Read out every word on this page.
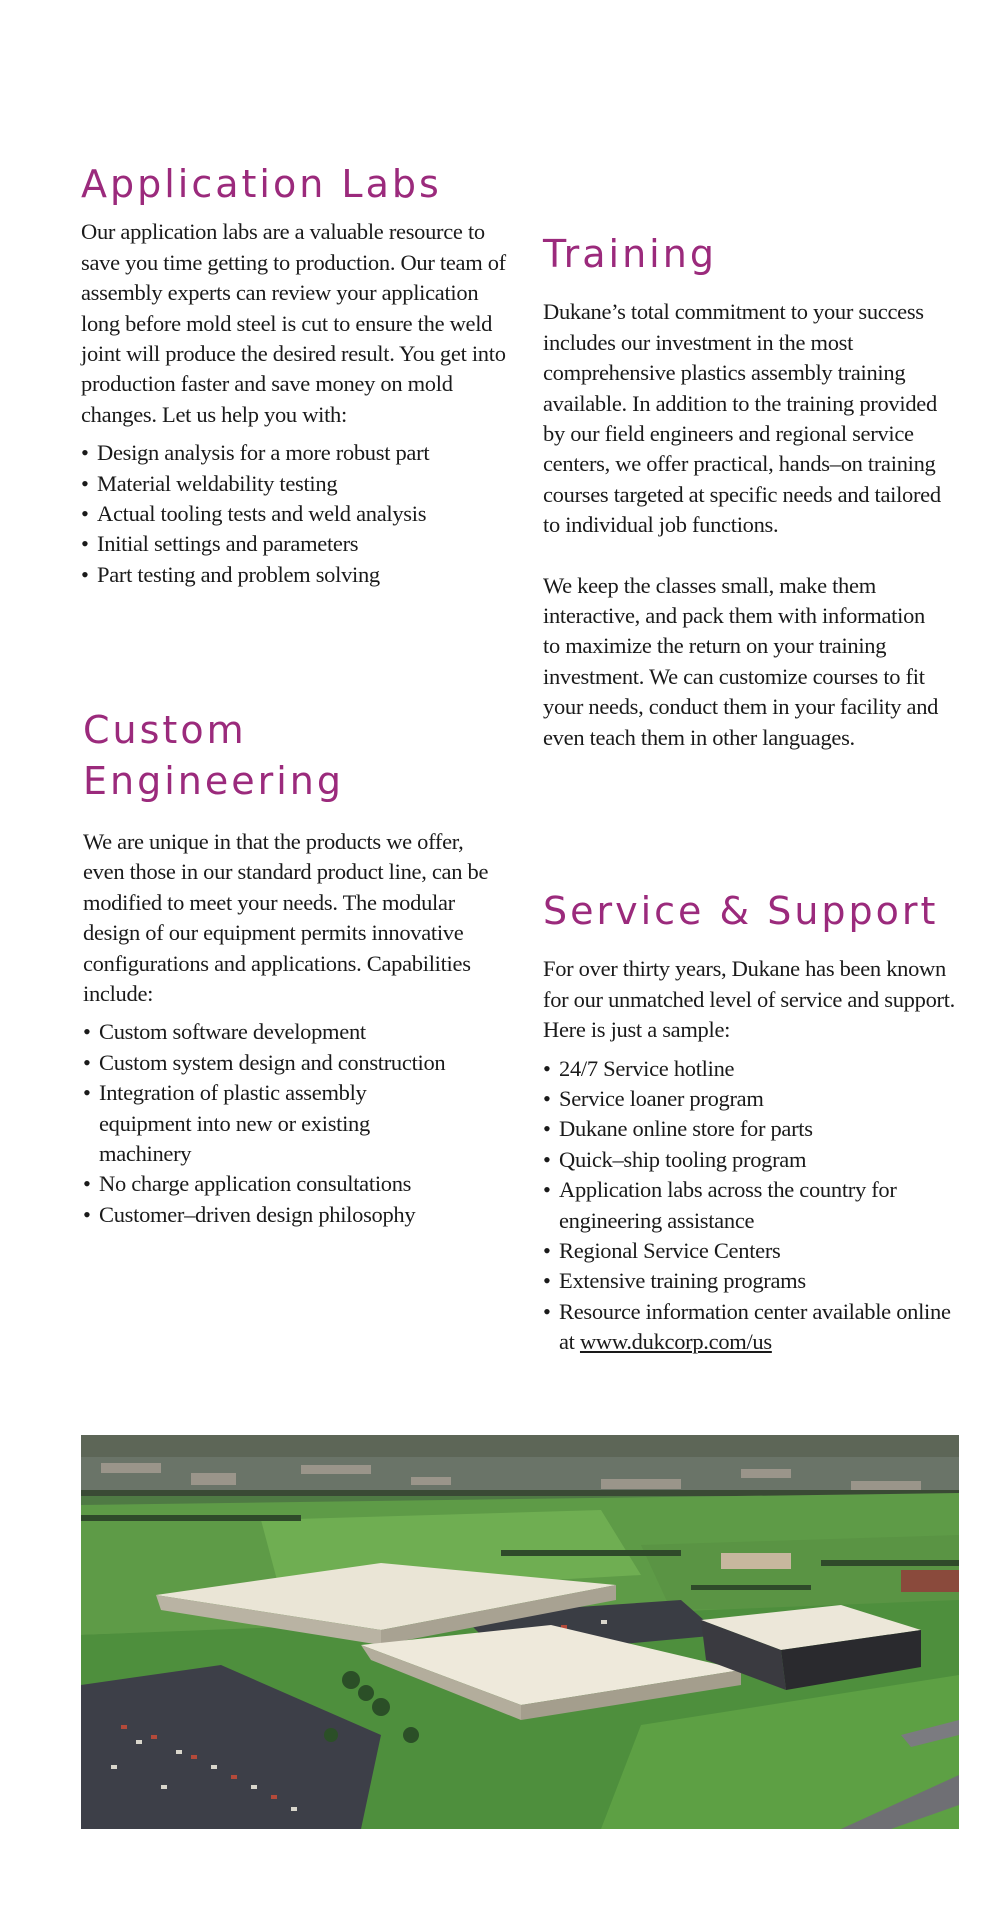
Application Labs

Our application labs are a valuable resource to save you time getting to production. Our team of assembly experts can review your application long before mold steel is cut to ensure the weld joint will produce the desired result. You get into production faster and save money on mold changes. Let us help you with:

• Design analysis for a more robust part
• Material weldability testing
• Actual tooling tests and weld analysis
• Initial settings and parameters
• Part testing and problem solving
Custom
Engineering

We are unique in that the products we offer, even those in our standard product line, can be modified to meet your needs. The modular design of our equipment permits innovative configurations and applications. Capabilities include:

• Custom software development
• Custom system design and construction
• Integration of plastic assembly equipment into new or existing machinery
• No charge application consultations
• Customer–driven design philosophy
Training

Dukane’s total commitment to your success includes our investment in the most comprehensive plastics assembly training available. In addition to the training provided by our field engineers and regional service centers, we offer practical, hands–on training courses targeted at specific needs and tailored to individual job functions.

We keep the classes small, make them interactive, and pack them with information to maximize the return on your training investment. We can customize courses to fit your needs, conduct them in your facility and even teach them in other languages.

Service & Support

For over thirty years, Dukane has been known for our unmatched level of service and support. Here is just a sample:

• 24/7 Service hotline
• Service loaner program
• Dukane online store for parts
• Quick–ship tooling program
• Application labs across the country for engineering assistance
• Regional Service Centers
• Extensive training programs
• Resource information center available online at www.dukcorp.com/us
